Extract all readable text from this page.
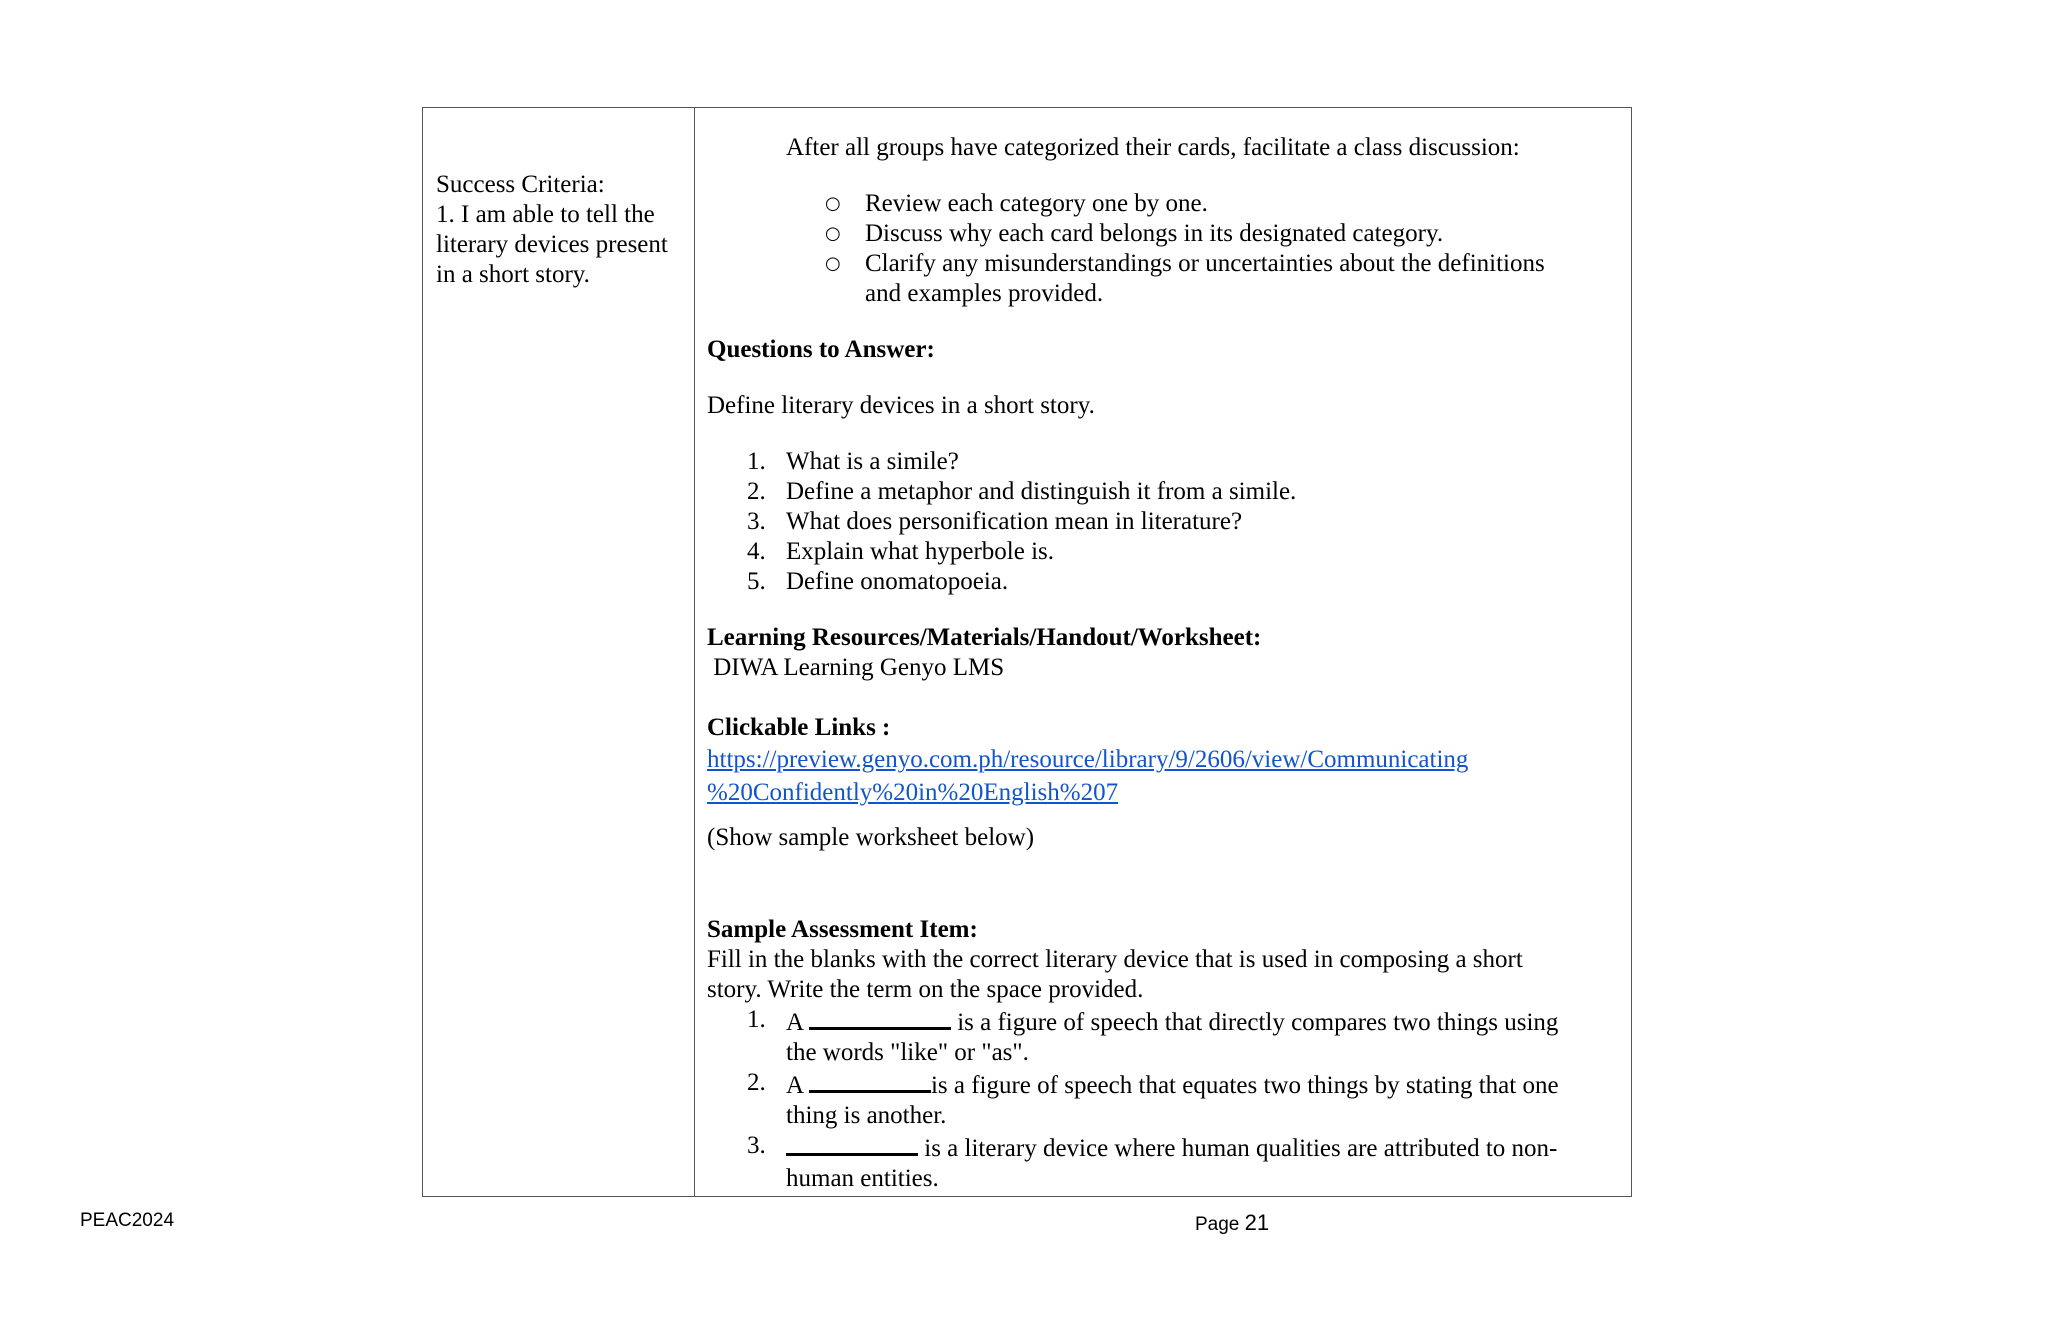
Success Criteria:
1. I am able to tell the
literary devices present
in a short story.
After all groups have categorized their cards, facilitate a class discussion:
○ Review each category one by one.
○ Discuss why each card belongs in its designated category.
○ Clarify any misunderstandings or uncertainties about the definitions
and examples provided.
Questions to Answer:
Define literary devices in a short story.
1. What is a simile?
2. Define a metaphor and distinguish it from a simile.
3. What does personification mean in literature?
4. Explain what hyperbole is.
5. Define onomatopoeia.
Learning Resources/Materials/Handout/Worksheet:
DIWA Learning Genyo LMS
Clickable Links :
https://preview.genyo.com.ph/resource/library/9/2606/view/Communicating
%20Confidently%20in%20English%207
(Show sample worksheet below)
Sample Assessment Item:
Fill in the blanks with the correct literary device that is used in composing a short
story. Write the term on the space provided.
1. A	is a figure of speech that directly compares two things using
the words "like" or "as".
2. A	is a figure of speech that equates two things by stating that one
thing is another.
3.	is a literary device where human qualities are attributed to non-
human entities.
PEAC2024	Page 21
